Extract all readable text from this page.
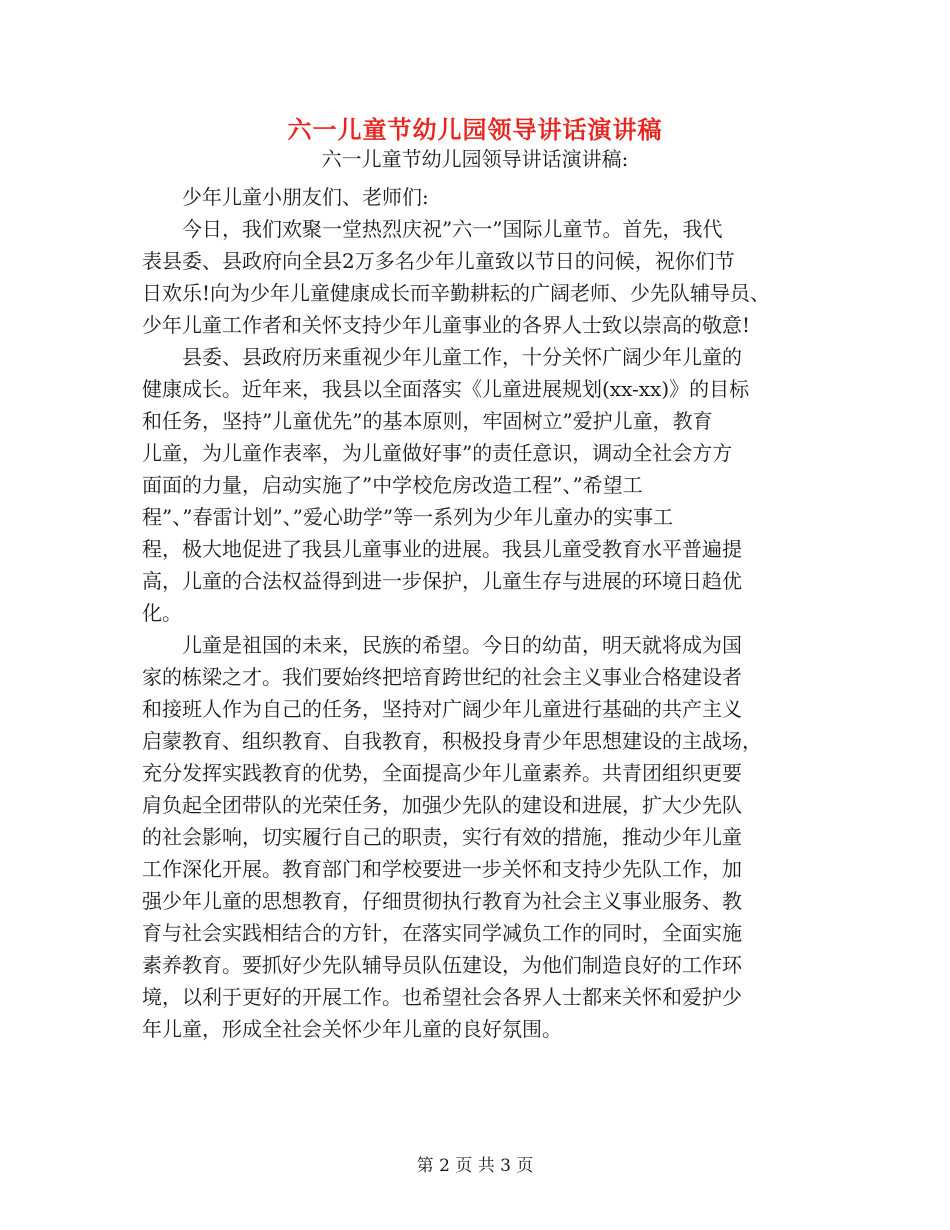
六一儿童节幼儿园领导讲话演讲稿
六一儿童节幼儿园领导讲话演讲稿:
少年儿童小朋友们、老师们:
今日，我们欢聚一堂热烈庆祝”六一”国际儿童节。首先，我代
表县委、县政府向全县2万多名少年儿童致以节日的问候，祝你们节
日欢乐!向为少年儿童健康成长而辛勤耕耘的广阔老师、少先队辅导员、
少年儿童工作者和关怀支持少年儿童事业的各界人士致以崇高的敬意!
县委、县政府历来重视少年儿童工作，十分关怀广阔少年儿童的
健康成长。近年来，我县以全面落实《儿童进展规划(xx-xx)》的目标
和任务，坚持”儿童优先”的基本原则，牢固树立”爱护儿童，教育
儿童，为儿童作表率，为儿童做好事”的责任意识，调动全社会方方
面面的力量，启动实施了”中学校危房改造工程”、”希望工
程”、”春雷计划”、”爱心助学”等一系列为少年儿童办的实事工
程，极大地促进了我县儿童事业的进展。我县儿童受教育水平普遍提
高，儿童的合法权益得到进一步保护，儿童生存与进展的环境日趋优
化。
儿童是祖国的未来，民族的希望。今日的幼苗，明天就将成为国
家的栋梁之才。我们要始终把培育跨世纪的社会主义事业合格建设者
和接班人作为自己的任务，坚持对广阔少年儿童进行基础的共产主义
启蒙教育、组织教育、自我教育，积极投身青少年思想建设的主战场，
充分发挥实践教育的优势，全面提高少年儿童素养。共青团组织更要
肩负起全团带队的光荣任务，加强少先队的建设和进展，扩大少先队
的社会影响，切实履行自己的职责，实行有效的措施，推动少年儿童
工作深化开展。教育部门和学校要进一步关怀和支持少先队工作，加
强少年儿童的思想教育，仔细贯彻执行教育为社会主义事业服务、教
育与社会实践相结合的方针，在落实同学减负工作的同时，全面实施
素养教育。要抓好少先队辅导员队伍建设，为他们制造良好的工作环
境，以利于更好的开展工作。也希望社会各界人士都来关怀和爱护少
年儿童，形成全社会关怀少年儿童的良好氛围。
第 2 页 共 3 页
